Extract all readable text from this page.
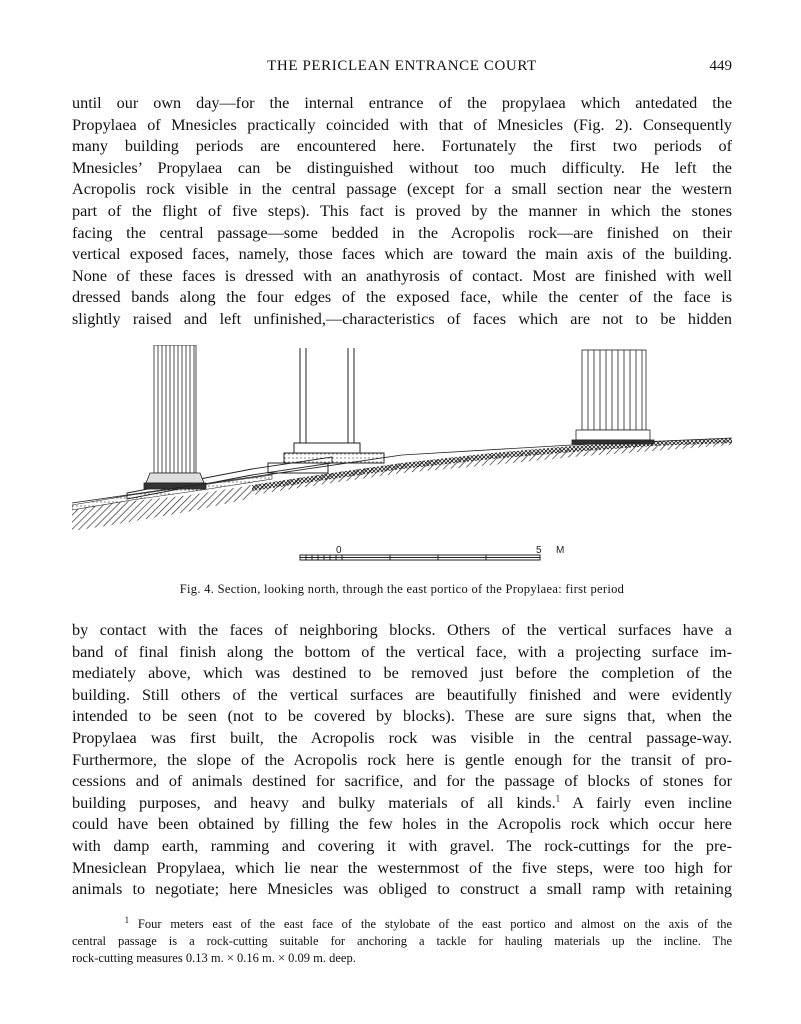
THE PERICLEAN ENTRANCE COURT	449
until our own day—for the internal entrance of the propylaea which antedated the
Propylaea of Mnesicles practically coincided with that of Mnesicles (Fig. 2). Consequently
many building periods are encountered here. Fortunately the first two periods of
Mnesicles’ Propylaea can be distinguished without too much difficulty. He left the
Acropolis rock visible in the central passage (except for a small section near the western
part of the flight of five steps). This fact is proved by the manner in which the stones
facing the central passage—some bedded in the Acropolis rock—are finished on their
vertical exposed faces, namely, those faces which are toward the main axis of the building.
None of these faces is dressed with an anathyrosis of contact. Most are finished with well
dressed bands along the four edges of the exposed face, while the center of the face is
slightly raised and left unfinished,—characteristics of faces which are not to be hidden
0	5 M
Fig. 4. Section, looking north, through the east portico of the Propylaea: first period
by contact with the faces of neighboring blocks. Others of the vertical surfaces have a
band of final finish along the bottom of the vertical face, with a projecting surface im-
mediately above, which was destined to be removed just before the completion of the
building. Still others of the vertical surfaces are beautifully finished and were evidently
intended to be seen (not to be covered by blocks). These are sure signs that, when the
Propylaea was first built, the Acropolis rock was visible in the central passage-way.
Furthermore, the slope of the Acropolis rock here is gentle enough for the transit of pro-
cessions and of animals destined for sacrifice, and for the passage of blocks of stones for
building purposes, and heavy and bulky materials of all kinds.$^1$ A fairly even incline
could have been obtained by filling the few holes in the Acropolis rock which occur here
with damp earth, ramming and covering it with gravel. The rock-cuttings for the pre-
Mnesiclean Propylaea, which lie near the westernmost of the five steps, were too high for
animals to negotiate; here Mnesicles was obliged to construct a small ramp with retaining
$^1$ Four meters east of the east face of the stylobate of the east portico and almost on the axis of the
central passage is a rock-cutting suitable for anchoring a tackle for hauling materials up the incline. The
rock-cutting measures 0.13 m. × 0.16 m. × 0.09 m. deep.
